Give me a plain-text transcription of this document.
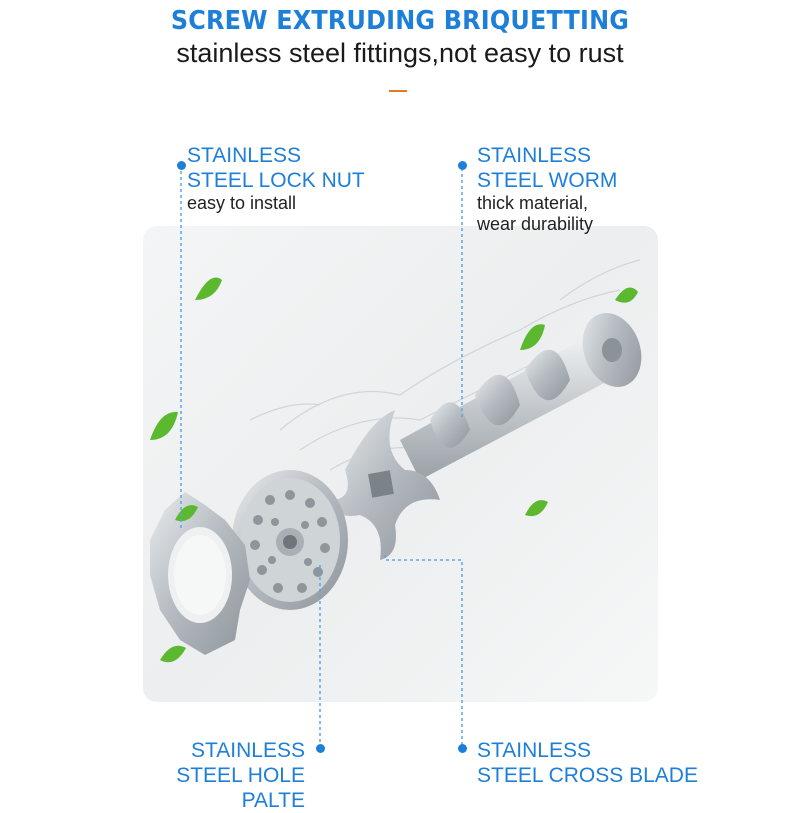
SCREW EXTRUDING BRIQUETTING
stainless steel fittings,not easy to rust
STAINLESS
STEEL LOCK NUT
easy to install
STAINLESS
STEEL WORM
thick material,
wear durability
STAINLESS
STEEL HOLE PALTE
STAINLESS
STEEL CROSS BLADE
